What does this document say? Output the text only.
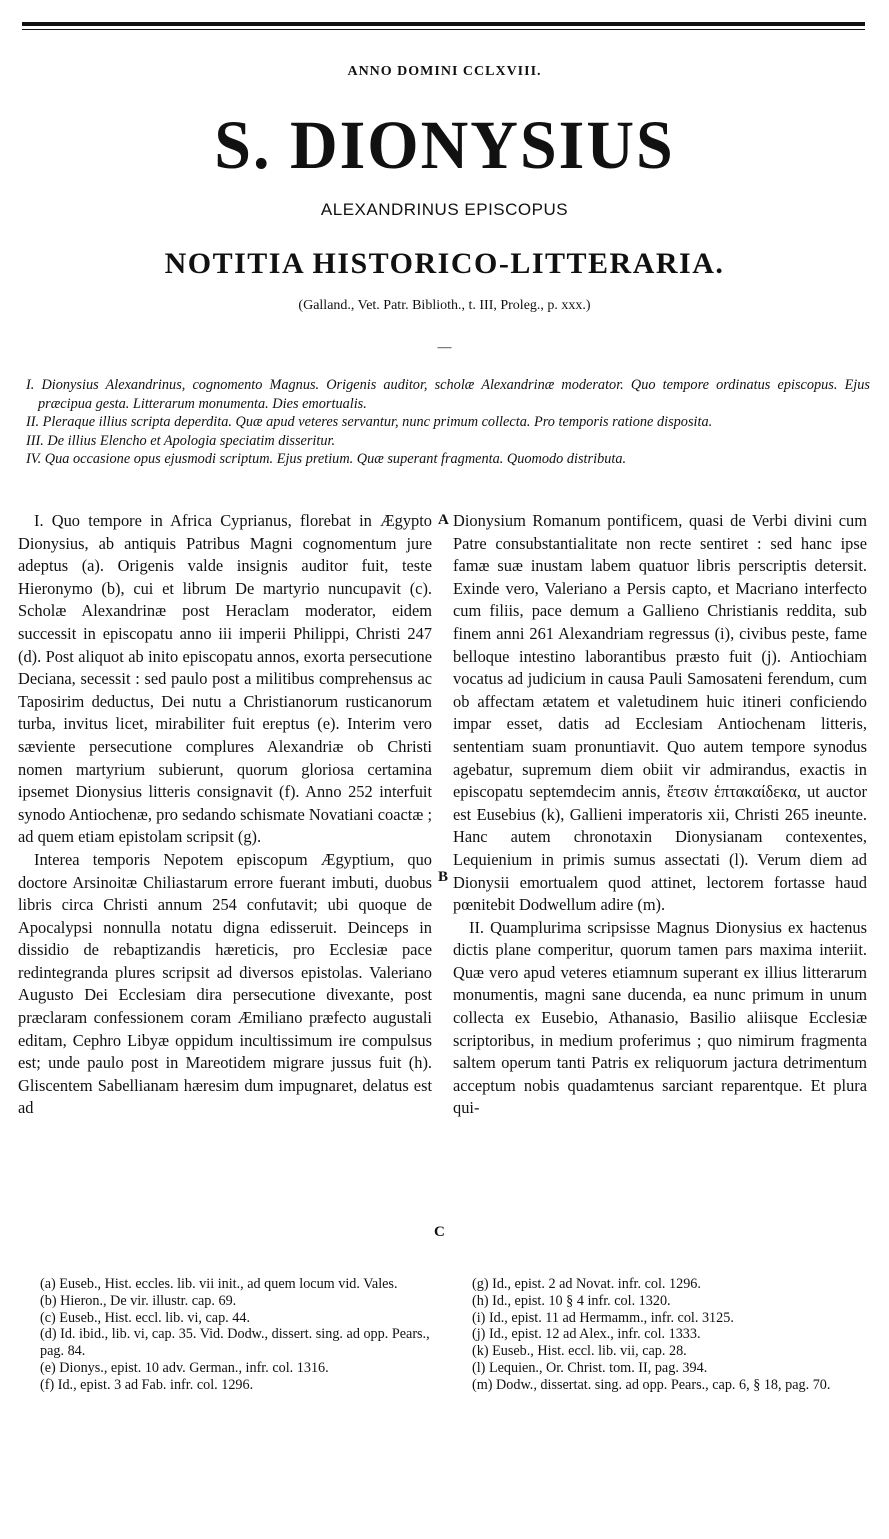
ANNO DOMINI CCLXVIII.
S. DIONYSIUS
ALEXANDRINUS EPISCOPUS
NOTITIA HISTORICO-LITTERARIA.
(Galland., Vet. Patr. Biblioth., t. III, Proleg., p. xxx.)
—

I. Dionysius Alexandrinus, cognomento Magnus. Origenis auditor, scholæ Alexandrinæ moderator. Quo tempore ordinatus episcopus. Ejus præcipua gesta. Litterarum monumenta. Dies emortualis.

II. Pleraque illius scripta deperdita. Quæ apud veteres servantur, nunc primum collecta. Pro temporis ratione disposita.

III. De illius Elencho et Apologia speciatim disseritur.

IV. Qua occasione opus ejusmodi scriptum. Ejus pretium. Quæ superant fragmenta. Quomodo distributa.

I. Quo tempore in Africa Cyprianus, florebat in Ægypto Dionysius, ab antiquis Patribus Magni cognomentum jure adeptus (a). Origenis valde insignis auditor fuit, teste Hieronymo (b), cui et librum De martyrio nuncupavit (c). Scholæ Alexandrinæ post Heraclam moderator, eidem successit in episcopatu anno iii imperii Philippi, Christi 247 (d). Post aliquot ab inito episcopatu annos, exorta persecutione Deciana, secessit : sed paulo post a militibus comprehensus ac Taposirim deductus, Dei nutu a Christianorum rusticanorum turba, invitus licet, mirabiliter fuit ereptus (e). Interim vero sæviente persecutione complures Alexandriæ ob Christi nomen martyrium subierunt, quorum gloriosa certamina ipsemet Dionysius litteris consignavit (f). Anno 252 interfuit synodo Antiochenæ, pro sedando schismate Novatiani coactæ ; ad quem etiam epistolam scripsit (g).

Interea temporis Nepotem episcopum Ægyptium, quo doctore Arsinoitæ Chiliastarum errore fuerant imbuti, duobus libris circa Christi annum 254 confutavit; ubi quoque de Apocalypsi nonnulla notatu digna edisseruit. Deinceps in dissidio de rebaptizandis hæreticis, pro Ecclesiæ pace redintegranda plures scripsit ad diversos epistolas. Valeriano Augusto Dei Ecclesiam dira persecutione divexante, post præclaram confessionem coram Æmiliano præfecto augustali editam, Cephro Libyæ oppidum incultissimum ire compulsus est; unde paulo post in Mareotidem migrare jussus fuit (h). Gliscentem Sabellianam hæresim dum impugnaret, delatus est ad

A
B
C

Dionysium Romanum pontificem, quasi de Verbi divini cum Patre consubstantialitate non recte sentiret : sed hanc ipse famæ suæ inustam labem quatuor libris perscriptis detersit. Exinde vero, Valeriano a Persis capto, et Macriano interfecto cum filiis, pace demum a Gallieno Christianis reddita, sub finem anni 261 Alexandriam regressus (i), civibus peste, fame belloque intestino laborantibus præsto fuit (j). Antiochiam vocatus ad judicium in causa Pauli Samosateni ferendum, cum ob affectam ætatem et valetudinem huic itineri conficiendo impar esset, datis ad Ecclesiam Antiochenam litteris, sententiam suam pronuntiavit. Quo autem tempore synodus agebatur, supremum diem obiit vir admirandus, exactis in episcopatu septemdecim annis, ἔτεσιν ἑπτακαίδεκα, ut auctor est Eusebius (k), Gallieni imperatoris xii, Christi 265 ineunte. Hanc autem chronotaxin Dionysianam contexentes, Lequienium in primis sumus assectati (l). Verum diem ad Dionysii emortualem quod attinet, lectorem fortasse haud pœnitebit Dodwellum adire (m).

II. Quamplurima scripsisse Magnus Dionysius ex hactenus dictis plane comperitur, quorum tamen pars maxima interiit. Quæ vero apud veteres etiamnum superant ex illius litterarum monumentis, magni sane ducenda, ea nunc primum in unum collecta ex Eusebio, Athanasio, Basilio aliisque Ecclesiæ scriptoribus, in medium proferimus ; quo nimirum fragmenta saltem operum tanti Patris ex reliquorum jactura detrimentum acceptum nobis quadamtenus sarciant reparentque. Et plura qui-

(a) Euseb., Hist. eccles. lib. vii init., ad quem locum vid. Vales.
(b) Hieron., De vir. illustr. cap. 69.
(c) Euseb., Hist. eccl. lib. vi, cap. 44.
(d) Id. ibid., lib. vi, cap. 35. Vid. Dodw., dissert. sing. ad opp. Pears., pag. 84.
(e) Dionys., epist. 10 adv. German., infr. col. 1316.
(f) Id., epist. 3 ad Fab. infr. col. 1296.
(g) Id., epist. 2 ad Novat. infr. col. 1296.
(h) Id., epist. 10 § 4 infr. col. 1320.
(i) Id., epist. 11 ad Hermamm., infr. col. 3125.
(j) Id., epist. 12 ad Alex., infr. col. 1333.
(k) Euseb., Hist. eccl. lib. vii, cap. 28.
(l) Lequien., Or. Christ. tom. II, pag. 394.
(m) Dodw., dissertat. sing. ad opp. Pears., cap. 6, § 18, pag. 70.
